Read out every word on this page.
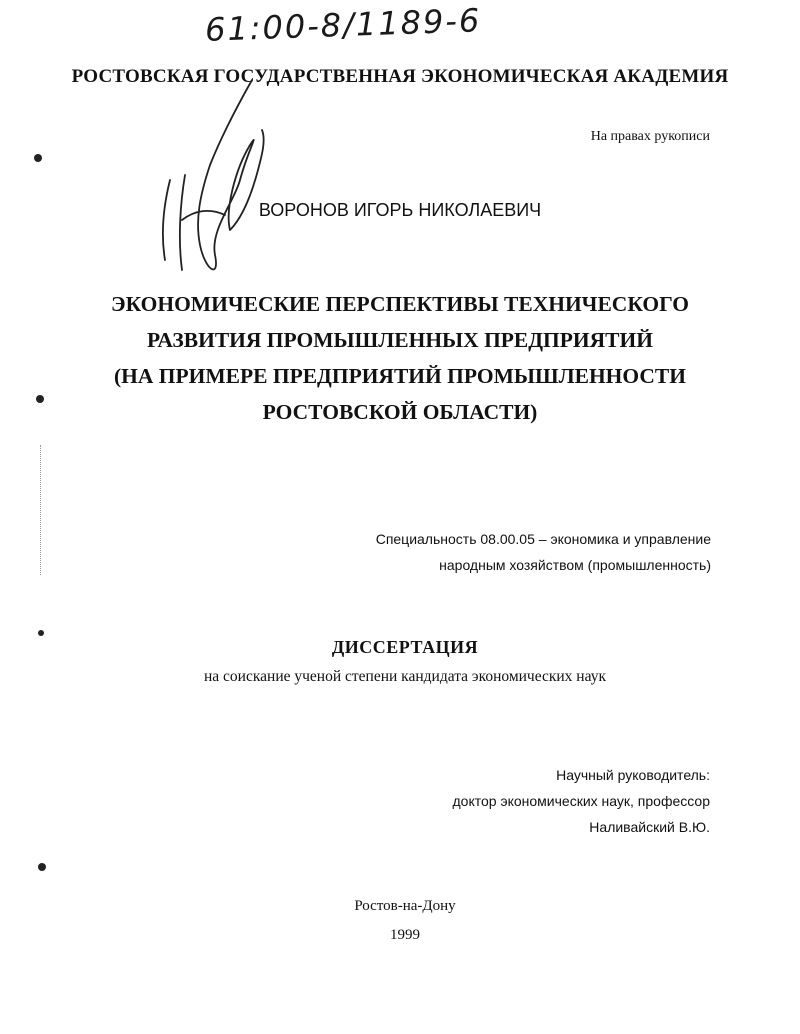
61:00-8/1189-6
РОСТОВСКАЯ ГОСУДАРСТВЕННАЯ ЭКОНОМИЧЕСКАЯ АКАДЕМИЯ
На правах рукописи
ВОРОНОВ ИГОРЬ НИКОЛАЕВИЧ
ЭКОНОМИЧЕСКИЕ ПЕРСПЕКТИВЫ ТЕХНИЧЕСКОГО
РАЗВИТИЯ ПРОМЫШЛЕННЫХ ПРЕДПРИЯТИЙ
(НА ПРИМЕРЕ ПРЕДПРИЯТИЙ ПРОМЫШЛЕННОСТИ
РОСТОВСКОЙ ОБЛАСТИ)
Специальность 08.00.05 – экономика и управление
народным хозяйством (промышленность)
ДИССЕРТАЦИЯ
на соискание ученой степени кандидата экономических наук
Научный руководитель:
доктор экономических наук, профессор
Наливайский В.Ю.
Ростов-на-Дону
1999
